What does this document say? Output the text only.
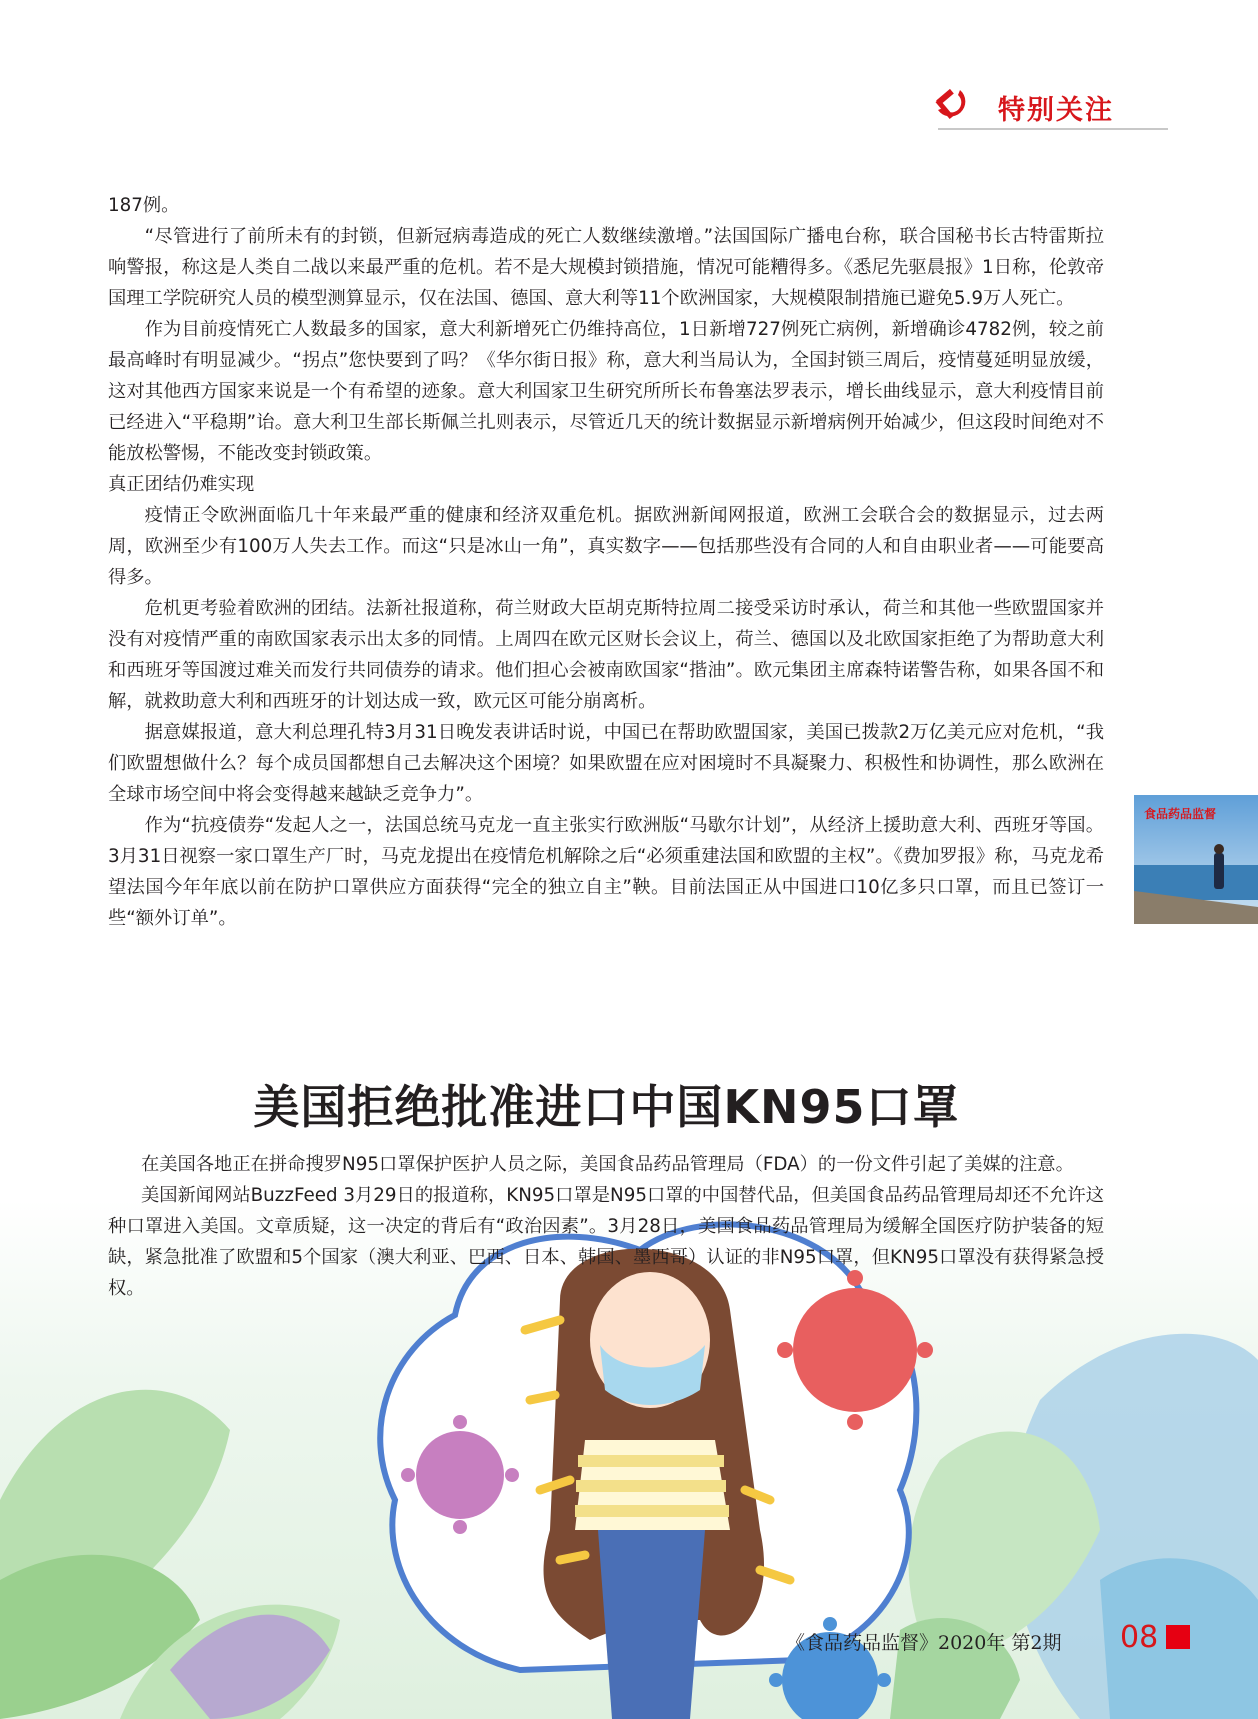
特别关注

187例。

“尽管进行了前所未有的封锁，但新冠病毒造成的死亡人数继续激增。”法国国际广播电台称，联合国秘书长古特雷斯拉响警报，称这是人类自二战以来最严重的危机。若不是大规模封锁措施，情况可能糟得多。《悉尼先驱晨报》1日称，伦敦帝国理工学院研究人员的模型测算显示，仅在法国、德国、意大利等11个欧洲国家，大规模限制措施已避免5.9万人死亡。

作为目前疫情死亡人数最多的国家，意大利新增死亡仍维持高位，1日新增727例死亡病例，新增确诊4782例，较之前最高峰时有明显减少。“拐点”您快要到了吗？《华尔街日报》称，意大利当局认为，全国封锁三周后，疫情蔓延明显放缓，这对其他西方国家来说是一个有希望的迹象。意大利国家卫生研究所所长布鲁塞法罗表示，增长曲线显示，意大利疫情目前已经进入“平稳期”诒。意大利卫生部长斯佩兰扎则表示，尽管近几天的统计数据显示新增病例开始减少，但这段时间绝对不能放松警惕，不能改变封锁政策。

真正团结仍难实现

疫情正令欧洲面临几十年来最严重的健康和经济双重危机。据欧洲新闻网报道，欧洲工会联合会的数据显示，过去两周，欧洲至少有100万人失去工作。而这“只是冰山一角”，真实数字——包括那些没有合同的人和自由职业者——可能要高得多。

危机更考验着欧洲的团结。法新社报道称，荷兰财政大臣胡克斯特拉周二接受采访时承认，荷兰和其他一些欧盟国家并没有对疫情严重的南欧国家表示出太多的同情。上周四在欧元区财长会议上，荷兰、德国以及北欧国家拒绝了为帮助意大利和西班牙等国渡过难关而发行共同债券的请求。他们担心会被南欧国家“揩油”。欧元集团主席森特诺警告称，如果各国不和解，就救助意大利和西班牙的计划达成一致，欧元区可能分崩离析。

据意媒报道，意大利总理孔特3月31日晚发表讲话时说，中国已在帮助欧盟国家，美国已拨款2万亿美元应对危机，“我们欧盟想做什么？每个成员国都想自己去解决这个困境？如果欧盟在应对困境时不具凝聚力、积极性和协调性，那么欧洲在全球市场空间中将会变得越来越缺乏竞争力”。

作为“抗疫债券“发起人之一，法国总统马克龙一直主张实行欧洲版“马歇尔计划”，从经济上援助意大利、西班牙等国。3月31日视察一家口罩生产厂时，马克龙提出在疫情危机解除之后“必须重建法国和欧盟的主权”。《费加罗报》称，马克龙希望法国今年年底以前在防护口罩供应方面获得“完全的独立自主”鞅。目前法国正从中国进口10亿多只口罩，而且已签订一些“额外订单”。

食品药品监督
美国拒绝批准进口中国KN95口罩

在美国各地正在拼命搜罗N95口罩保护医护人员之际，美国食品药品管理局（FDA）的一份文件引起了美媒的注意。

美国新闻网站BuzzFeed 3月29日的报道称，KN95口罩是N95口罩的中国替代品，但美国食品药品管理局却还不允许这种口罩进入美国。文章质疑，这一决定的背后有“政治因素”。3月28日，美国食品药品管理局为缓解全国医疗防护装备的短缺，紧急批准了欧盟和5个国家（澳大利亚、巴西、日本、韩国、墨西哥）认证的非N95口罩，但KN95口罩没有获得紧急授权。

《食品药品监督》2020年 第2期 08
